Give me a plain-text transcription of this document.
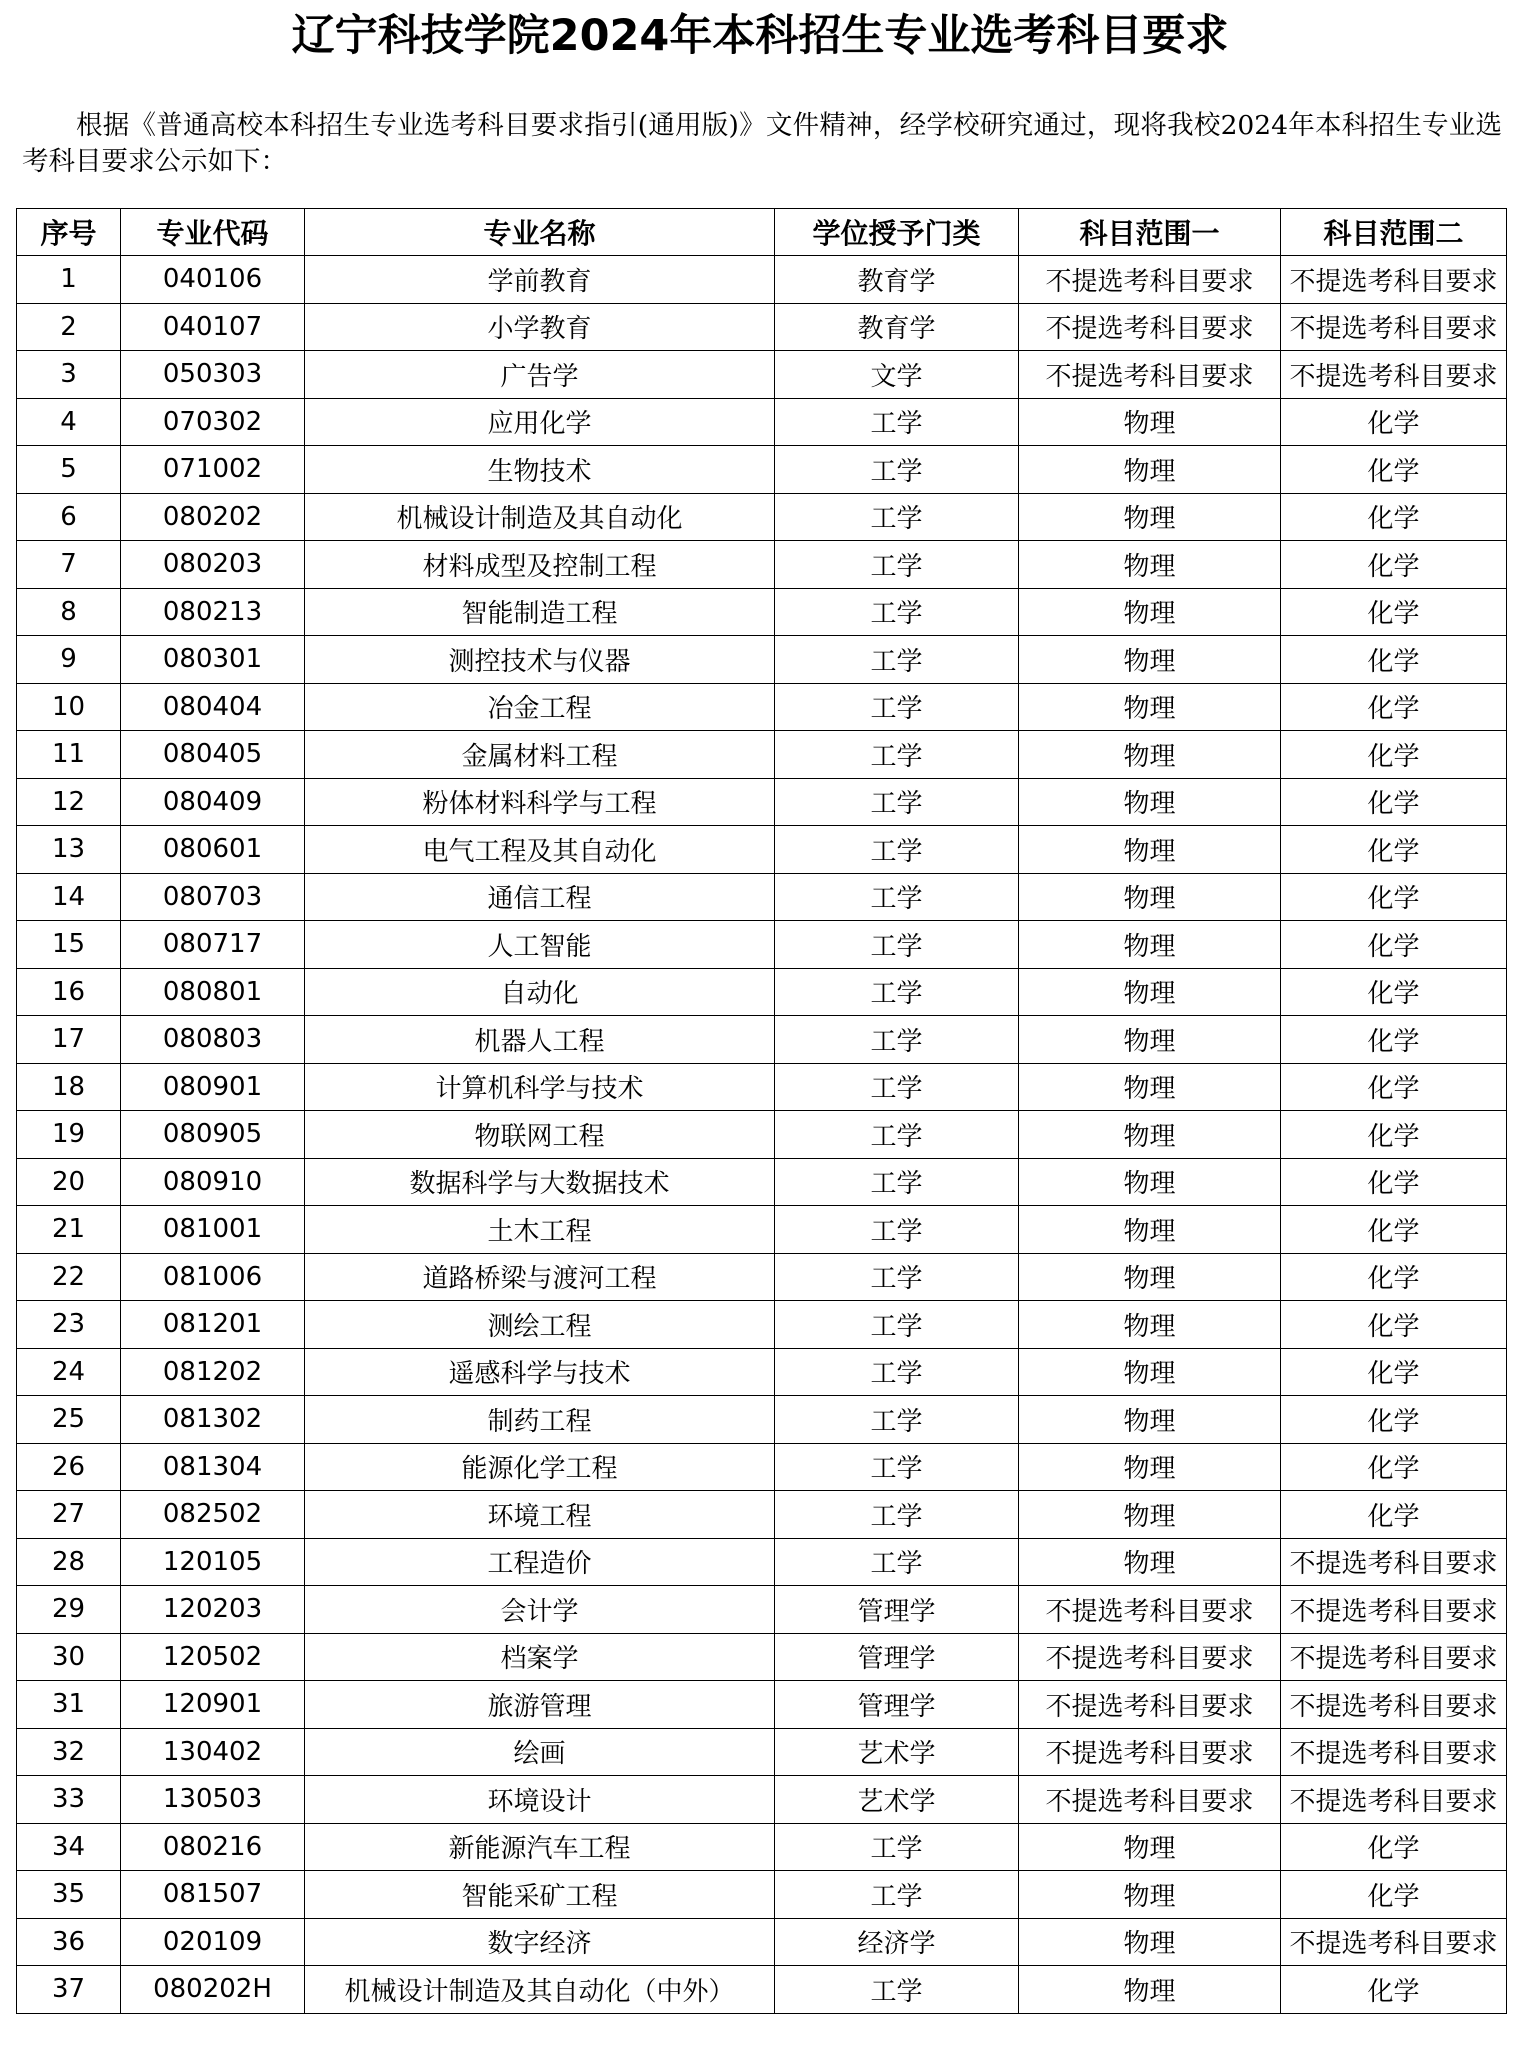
辽宁科技学院2024年本科招生专业选考科目要求
根据《普通高校本科招生专业选考科目要求指引(通用版)》文件精神，经学校研究通过，现将我校2024年本科招生专业选考科目要求公示如下：
序号	专业代码	专业名称	学位授予门类	科目范围一	科目范围二
1	040106	学前教育	教育学	不提选考科目要求	不提选考科目要求
2	040107	小学教育	教育学	不提选考科目要求	不提选考科目要求
3	050303	广告学	文学	不提选考科目要求	不提选考科目要求
4	070302	应用化学	工学	物理	化学
5	071002	生物技术	工学	物理	化学
6	080202	机械设计制造及其自动化	工学	物理	化学
7	080203	材料成型及控制工程	工学	物理	化学
8	080213	智能制造工程	工学	物理	化学
9	080301	测控技术与仪器	工学	物理	化学
10	080404	冶金工程	工学	物理	化学
11	080405	金属材料工程	工学	物理	化学
12	080409	粉体材料科学与工程	工学	物理	化学
13	080601	电气工程及其自动化	工学	物理	化学
14	080703	通信工程	工学	物理	化学
15	080717	人工智能	工学	物理	化学
16	080801	自动化	工学	物理	化学
17	080803	机器人工程	工学	物理	化学
18	080901	计算机科学与技术	工学	物理	化学
19	080905	物联网工程	工学	物理	化学
20	080910	数据科学与大数据技术	工学	物理	化学
21	081001	土木工程	工学	物理	化学
22	081006	道路桥梁与渡河工程	工学	物理	化学
23	081201	测绘工程	工学	物理	化学
24	081202	遥感科学与技术	工学	物理	化学
25	081302	制药工程	工学	物理	化学
26	081304	能源化学工程	工学	物理	化学
27	082502	环境工程	工学	物理	化学
28	120105	工程造价	工学	物理	不提选考科目要求
29	120203	会计学	管理学	不提选考科目要求	不提选考科目要求
30	120502	档案学	管理学	不提选考科目要求	不提选考科目要求
31	120901	旅游管理	管理学	不提选考科目要求	不提选考科目要求
32	130402	绘画	艺术学	不提选考科目要求	不提选考科目要求
33	130503	环境设计	艺术学	不提选考科目要求	不提选考科目要求
34	080216	新能源汽车工程	工学	物理	化学
35	081507	智能采矿工程	工学	物理	化学
36	020109	数字经济	经济学	物理	不提选考科目要求
37	080202H	机械设计制造及其自动化（中外）	工学	物理	化学
